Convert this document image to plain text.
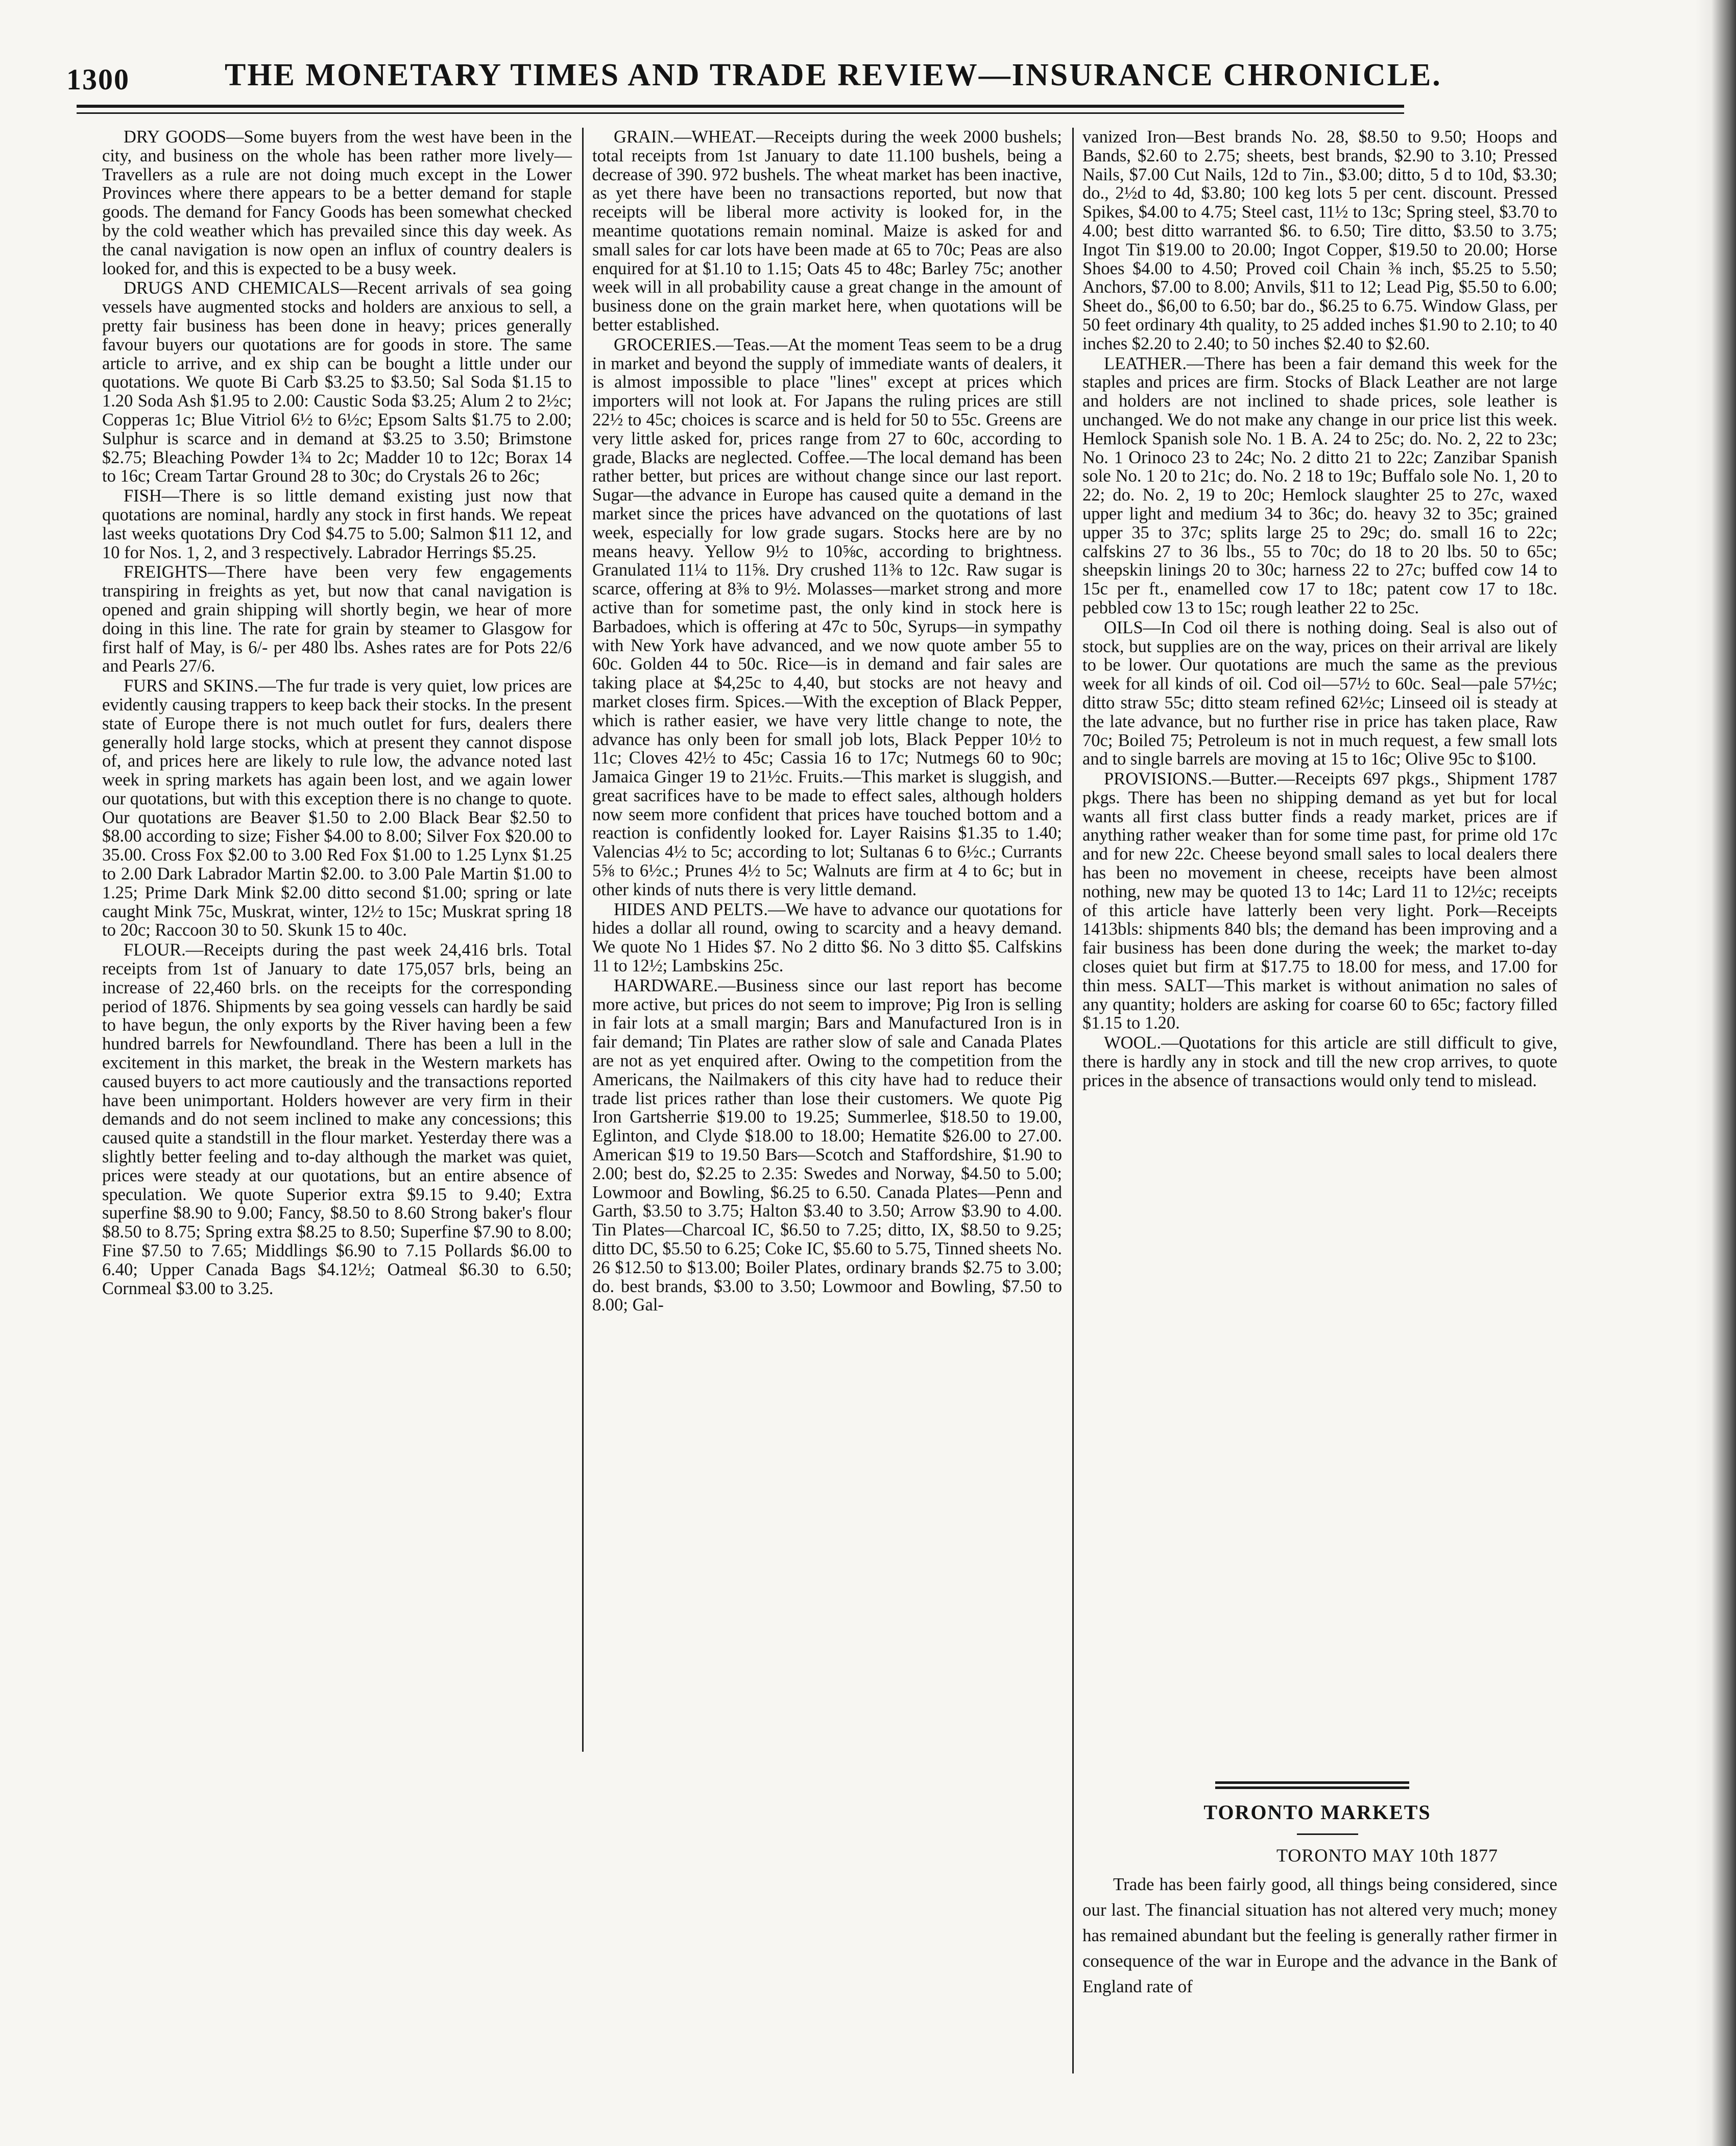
1300	THE MONETARY TIMES AND TRADE REVIEW—INSURANCE CHRONICLE.

DRY GOODS—Some buyers from the west have been in the city, and business on the whole has been rather more lively—Travellers as a rule are not doing much except in the Lower Provinces where there appears to be a better demand for staple goods. The demand for Fancy Goods has been somewhat checked by the cold weather which has prevailed since this day week. As the canal navigation is now open an influx of country dealers is looked for, and this is expected to be a busy week.

DRUGS AND CHEMICALS—Recent arrivals of sea going vessels have augmented stocks and holders are anxious to sell, a pretty fair business has been done in heavy; prices generally favour buyers our quotations are for goods in store. The same article to arrive, and ex ship can be bought a little under our quotations. We quote Bi Carb $3.25 to $3.50; Sal Soda $1.15 to 1.20 Soda Ash $1.95 to 2.00: Caustic Soda $3.25; Alum 2 to 2½c; Copperas 1c; Blue Vitriol 6½ to 6½c; Epsom Salts $1.75 to 2.00; Sulphur is scarce and in demand at $3.25 to 3.50; Brimstone $2.75; Bleaching Powder 1¾ to 2c; Madder 10 to 12c; Borax 14 to 16c; Cream Tartar Ground 28 to 30c; do Crystals 26 to 26c;

FISH—There is so little demand existing just now that quotations are nominal, hardly any stock in first hands. We repeat last weeks quotations Dry Cod $4.75 to 5.00; Salmon $11 12, and 10 for Nos. 1, 2, and 3 respectively. Labrador Herrings $5.25.

FREIGHTS—There have been very few engagements transpiring in freights as yet, but now that canal navigation is opened and grain shipping will shortly begin, we hear of more doing in this line. The rate for grain by steamer to Glasgow for first half of May, is 6/- per 480 lbs. Ashes rates are for Pots 22/6 and Pearls 27/6.

FURS and SKINS.—The fur trade is very quiet, low prices are evidently causing trappers to keep back their stocks. In the present state of Europe there is not much outlet for furs, dealers there generally hold large stocks, which at present they cannot dispose of, and prices here are likely to rule low, the advance noted last week in spring markets has again been lost, and we again lower our quotations, but with this exception there is no change to quote. Our quotations are Beaver $1.50 to 2.00 Black Bear $2.50 to $8.00 according to size; Fisher $4.00 to 8.00; Silver Fox $20.00 to 35.00. Cross Fox $2.00 to 3.00 Red Fox $1.00 to 1.25 Lynx $1.25 to 2.00 Dark Labrador Martin $2.00. to 3.00 Pale Martin $1.00 to 1.25; Prime Dark Mink $2.00 ditto second $1.00; spring or late caught Mink 75c, Muskrat, winter, 12½ to 15c; Muskrat spring 18 to 20c; Raccoon 30 to 50. Skunk 15 to 40c.

FLOUR.—Receipts during the past week 24,416 brls. Total receipts from 1st of January to date 175,057 brls, being an increase of 22,460 brls. on the receipts for the corresponding period of 1876. Shipments by sea going vessels can hardly be said to have begun, the only exports by the River having been a few hundred barrels for Newfoundland. There has been a lull in the excitement in this market, the break in the Western markets has caused buyers to act more cautiously and the transactions reported have been unimportant. Holders however are very firm in their demands and do not seem inclined to make any concessions; this caused quite a standstill in the flour market. Yesterday there was a slightly better feeling and to-day although the market was quiet, prices were steady at our quotations, but an entire absence of speculation. We quote Superior extra $9.15 to 9.40; Extra superfine $8.90 to 9.00; Fancy, $8.50 to 8.60 Strong baker's flour $8.50 to 8.75; Spring extra $8.25 to 8.50; Superfine $7.90 to 8.00; Fine $7.50 to 7.65; Middlings $6.90 to 7.15 Pollards $6.00 to 6.40; Upper Canada Bags $4.12½; Oatmeal $6.30 to 6.50; Cornmeal $3.00 to 3.25.

GRAIN.—WHEAT.—Receipts during the week 2000 bushels; total receipts from 1st January to date 11.100 bushels, being a decrease of 390. 972 bushels. The wheat market has been inactive, as yet there have been no transactions reported, but now that receipts will be liberal more activity is looked for, in the meantime quotations remain nominal. Maize is asked for and small sales for car lots have been made at 65 to 70c; Peas are also enquired for at $1.10 to 1.15; Oats 45 to 48c; Barley 75c; another week will in all probability cause a great change in the amount of business done on the grain market here, when quotations will be better established.

GROCERIES.—Teas.—At the moment Teas seem to be a drug in market and beyond the supply of immediate wants of dealers, it is almost impossible to place "lines" except at prices which importers will not look at. For Japans the ruling prices are still 22½ to 45c; choices is scarce and is held for 50 to 55c. Greens are very little asked for, prices range from 27 to 60c, according to grade, Blacks are neglected. Coffee.—The local demand has been rather better, but prices are without change since our last report. Sugar—the advance in Europe has caused quite a demand in the market since the prices have advanced on the quotations of last week, especially for low grade sugars. Stocks here are by no means heavy. Yellow 9½ to 10⅝c, according to brightness. Granulated 11¼ to 11⅝. Dry crushed 11⅜ to 12c. Raw sugar is scarce, offering at 8⅜ to 9½. Molasses—market strong and more active than for sometime past, the only kind in stock here is Barbadoes, which is offering at 47c to 50c, Syrups—in sympathy with New York have advanced, and we now quote amber 55 to 60c. Golden 44 to 50c. Rice—is in demand and fair sales are taking place at $4,25c to 4,40, but stocks are not heavy and market closes firm. Spices.—With the exception of Black Pepper, which is rather easier, we have very little change to note, the advance has only been for small job lots, Black Pepper 10½ to 11c; Cloves 42½ to 45c; Cassia 16 to 17c; Nutmegs 60 to 90c; Jamaica Ginger 19 to 21½c. Fruits.—This market is sluggish, and great sacrifices have to be made to effect sales, although holders now seem more confident that prices have touched bottom and a reaction is confidently looked for. Layer Raisins $1.35 to 1.40; Valencias 4½ to 5c; according to lot; Sultanas 6 to 6½c.; Currants 5⅝ to 6½c.; Prunes 4½ to 5c; Walnuts are firm at 4 to 6c; but in other kinds of nuts there is very little demand.

HIDES AND PELTS.—We have to advance our quotations for hides a dollar all round, owing to scarcity and a heavy demand. We quote No 1 Hides $7. No 2 ditto $6. No 3 ditto $5. Calfskins 11 to 12½; Lambskins 25c.

HARDWARE.—Business since our last report has become more active, but prices do not seem to improve; Pig Iron is selling in fair lots at a small margin; Bars and Manufactured Iron is in fair demand; Tin Plates are rather slow of sale and Canada Plates are not as yet enquired after. Owing to the competition from the Americans, the Nailmakers of this city have had to reduce their trade list prices rather than lose their customers. We quote Pig Iron Gartsherrie $19.00 to 19.25; Summerlee, $18.50 to 19.00, Eglinton, and Clyde $18.00 to 18.00; Hematite $26.00 to 27.00. American $19 to 19.50 Bars—Scotch and Staffordshire, $1.90 to 2.00; best do, $2.25 to 2.35: Swedes and Norway, $4.50 to 5.00; Lowmoor and Bowling, $6.25 to 6.50. Canada Plates—Penn and Garth, $3.50 to 3.75; Halton $3.40 to 3.50; Arrow $3.90 to 4.00. Tin Plates—Charcoal IC, $6.50 to 7.25; ditto, IX, $8.50 to 9.25; ditto DC, $5.50 to 6.25; Coke IC, $5.60 to 5.75, Tinned sheets No. 26 $12.50 to $13.00; Boiler Plates, ordinary brands $2.75 to 3.00; do. best brands, $3.00 to 3.50; Lowmoor and Bowling, $7.50 to 8.00; Gal-

vanized Iron—Best brands No. 28, $8.50 to 9.50; Hoops and Bands, $2.60 to 2.75; sheets, best brands, $2.90 to 3.10; Pressed Nails, $7.00 Cut Nails, 12d to 7in., $3.00; ditto, 5 d to 10d, $3.30; do., 2½d to 4d, $3.80; 100 keg lots 5 per cent. discount. Pressed Spikes, $4.00 to 4.75; Steel cast, 11½ to 13c; Spring steel, $3.70 to 4.00; best ditto warranted $6. to 6.50; Tire ditto, $3.50 to 3.75; Ingot Tin $19.00 to 20.00; Ingot Copper, $19.50 to 20.00; Horse Shoes $4.00 to 4.50; Proved coil Chain ⅜ inch, $5.25 to 5.50; Anchors, $7.00 to 8.00; Anvils, $11 to 12; Lead Pig, $5.50 to 6.00; Sheet do., $6,00 to 6.50; bar do., $6.25 to 6.75. Window Glass, per 50 feet ordinary 4th quality, to 25 added inches $1.90 to 2.10; to 40 inches $2.20 to 2.40; to 50 inches $2.40 to $2.60.

LEATHER.—There has been a fair demand this week for the staples and prices are firm. Stocks of Black Leather are not large and holders are not inclined to shade prices, sole leather is unchanged. We do not make any change in our price list this week. Hemlock Spanish sole No. 1 B. A. 24 to 25c; do. No. 2, 22 to 23c; No. 1 Orinoco 23 to 24c; No. 2 ditto 21 to 22c; Zanzibar Spanish sole No. 1 20 to 21c; do. No. 2 18 to 19c; Buffalo sole No. 1, 20 to 22; do. No. 2, 19 to 20c; Hemlock slaughter 25 to 27c, waxed upper light and medium 34 to 36c; do. heavy 32 to 35c; grained upper 35 to 37c; splits large 25 to 29c; do. small 16 to 22c; calfskins 27 to 36 lbs., 55 to 70c; do 18 to 20 lbs. 50 to 65c; sheepskin linings 20 to 30c; harness 22 to 27c; buffed cow 14 to 15c per ft., enamelled cow 17 to 18c; patent cow 17 to 18c. pebbled cow 13 to 15c; rough leather 22 to 25c.

OILS—In Cod oil there is nothing doing. Seal is also out of stock, but supplies are on the way, prices on their arrival are likely to be lower. Our quotations are much the same as the previous week for all kinds of oil. Cod oil—57½ to 60c. Seal—pale 57½c; ditto straw 55c; ditto steam refined 62½c; Linseed oil is steady at the late advance, but no further rise in price has taken place, Raw 70c; Boiled 75; Petroleum is not in much request, a few small lots and to single barrels are moving at 15 to 16c; Olive 95c to $100.

PROVISIONS.—Butter.—Receipts 697 pkgs., Shipment 1787 pkgs. There has been no shipping demand as yet but for local wants all first class butter finds a ready market, prices are if anything rather weaker than for some time past, for prime old 17c and for new 22c. Cheese beyond small sales to local dealers there has been no movement in cheese, receipts have been almost nothing, new may be quoted 13 to 14c; Lard 11 to 12½c; receipts of this article have latterly been very light. Pork—Receipts 1413bls: shipments 840 bls; the demand has been improving and a fair business has been done during the week; the market to-day closes quiet but firm at $17.75 to 18.00 for mess, and 17.00 for thin mess. SALT—This market is without animation no sales of any quantity; holders are asking for coarse 60 to 65c; factory filled $1.15 to 1.20.

WOOL.—Quotations for this article are still difficult to give, there is hardly any in stock and till the new crop arrives, to quote prices in the absence of transactions would only tend to mislead.

TORONTO MARKETS
TORONTO MAY 10th 1877

Trade has been fairly good, all things being considered, since our last. The financial situation has not altered very much; money has remained abundant but the feeling is generally rather firmer in consequence of the war in Europe and the advance in the Bank of England rate of
